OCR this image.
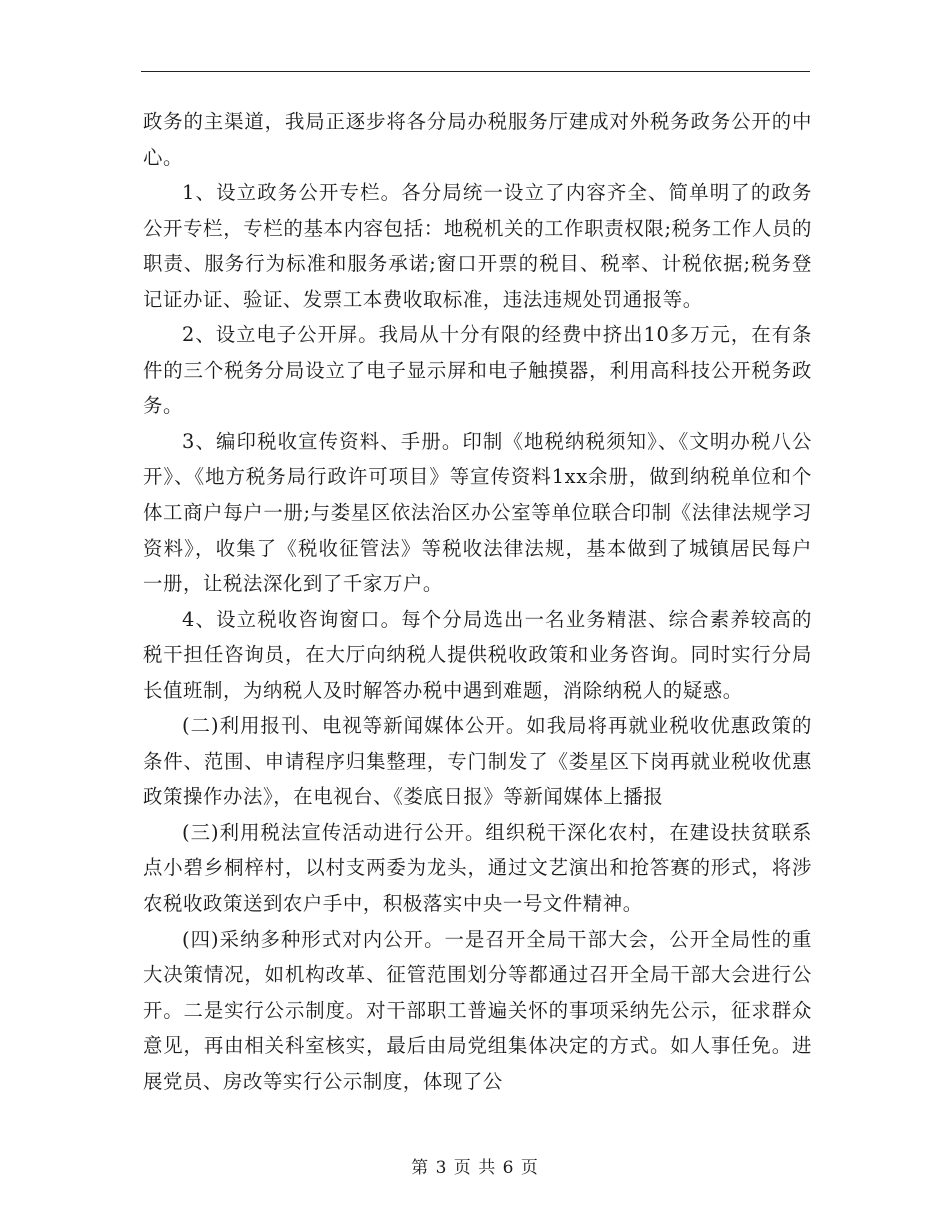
政务的主渠道，我局正逐步将各分局办税服务厅建成对外税务政务公开的中心。

1、设立政务公开专栏。各分局统一设立了内容齐全、简单明了的政务公开专栏，专栏的基本内容包括：地税机关的工作职责权限;税务工作人员的职责、服务行为标准和服务承诺;窗口开票的税目、税率、计税依据;税务登记证办证、验证、发票工本费收取标准，违法违规处罚通报等。

2、设立电子公开屏。我局从十分有限的经费中挤出10多万元，在有条件的三个税务分局设立了电子显示屏和电子触摸器，利用高科技公开税务政务。

3、编印税收宣传资料、手册。印制《地税纳税须知》、《文明办税八公开》、《地方税务局行政许可项目》等宣传资料1xx余册，做到纳税单位和个体工商户每户一册;与娄星区依法治区办公室等单位联合印制《法律法规学习资料》，收集了《税收征管法》等税收法律法规，基本做到了城镇居民每户一册，让税法深化到了千家万户。

4、设立税收咨询窗口。每个分局选出一名业务精湛、综合素养较高的税干担任咨询员，在大厅向纳税人提供税收政策和业务咨询。同时实行分局长值班制，为纳税人及时解答办税中遇到难题，消除纳税人的疑惑。

(二)利用报刊、电视等新闻媒体公开。如我局将再就业税收优惠政策的条件、范围、申请程序归集整理，专门制发了《娄星区下岗再就业税收优惠政策操作办法》，在电视台、《娄底日报》等新闻媒体上播报

(三)利用税法宣传活动进行公开。组织税干深化农村，在建设扶贫联系点小碧乡桐梓村，以村支两委为龙头，通过文艺演出和抢答赛的形式，将涉农税收政策送到农户手中，积极落实中央一号文件精神。

(四)采纳多种形式对内公开。一是召开全局干部大会，公开全局性的重大决策情况，如机构改革、征管范围划分等都通过召开全局干部大会进行公开。二是实行公示制度。对干部职工普遍关怀的事项采纳先公示，征求群众意见，再由相关科室核实，最后由局党组集体决定的方式。如人事任免。进展党员、房改等实行公示制度，体现了公

第 3 页 共 6 页
